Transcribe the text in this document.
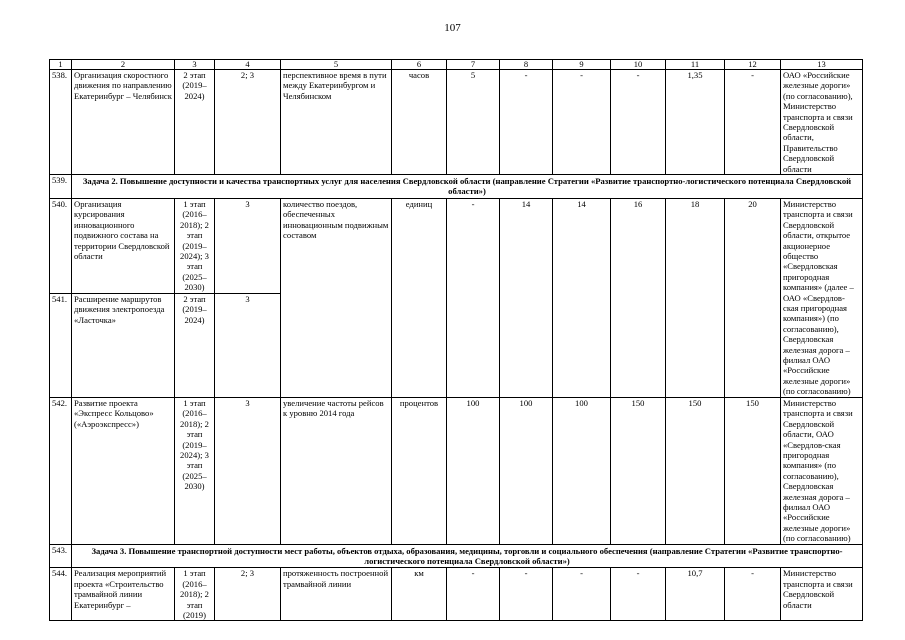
107
1	2	3	4	5	6	7	8	9	10	11	12	13
538.	Организация скоростного движения по направлению Екатеринбург – Челябинск	2 этап (2019– 2024)	2; 3	перспективное время в пути между Екатеринбургом и Челябинском	часов	5	-	-	-	1,35	-	ОАО «Российские железные дороги» (по согласованию), Министерство транспорта и связи Свердловской области, Правительство Свердловской области
539.	Задача 2. Повышение доступности и качества транспортных услуг для населения Свердловской области (направление Стратегии «Развитие транспортно-логистического потенциала Свердловской области»)											
540.	Организация курсирования инновационного подвижного состава на территории Свердловской области	1 этап (2016– 2018); 2 этап (2019– 2024); 3 этап (2025– 2030)	3	количество поездов, обеспеченных инновационным подвижным составом	единиц	-	14	14	16	18	20	Министерство транспорта и связи Свердловской области, открытое акционерное общество «Свердловская пригородная компания» (далее – ОАО «Свердлов-ская пригородная компания») (по согласованию), Свердловская железная дорога – филиал ОАО «Российские железные дороги» (по согласованию)
541.	Расширение маршрутов движения электропоезда «Ласточка»	2 этап (2019– 2024)	3									
542.	Развитие проекта «Экспресс Кольцово» («Аэроэкспресс»)	1 этап (2016– 2018); 2 этап (2019– 2024); 3 этап (2025– 2030)	3	увеличение частоты рейсов к уровню 2014 года	процентов	100	100	100	150	150	150	Министерство транспорта и связи Свердловской области, ОАО «Свердлов-ская пригородная компания» (по согласованию), Свердловская железная дорога – филиал ОАО «Российские железные дороги» (по согласованию)
543.	Задача 3. Повышение транспортной доступности мест работы, объектов отдыха, образования, медицины, торговли и социального обеспечения (направление Стратегии «Развитие транспортно-логистического потенциала Свердловской области»)											
544.	Реализация мероприятий проекта «Строительство трамвайной линии Екатеринбург –	1 этап (2016– 2018); 2 этап (2019)	2; 3	протяженность построенной трамвайной линии	км	-	-	-	-	10,7	-	Министерство транспорта и связи Свердловской области
